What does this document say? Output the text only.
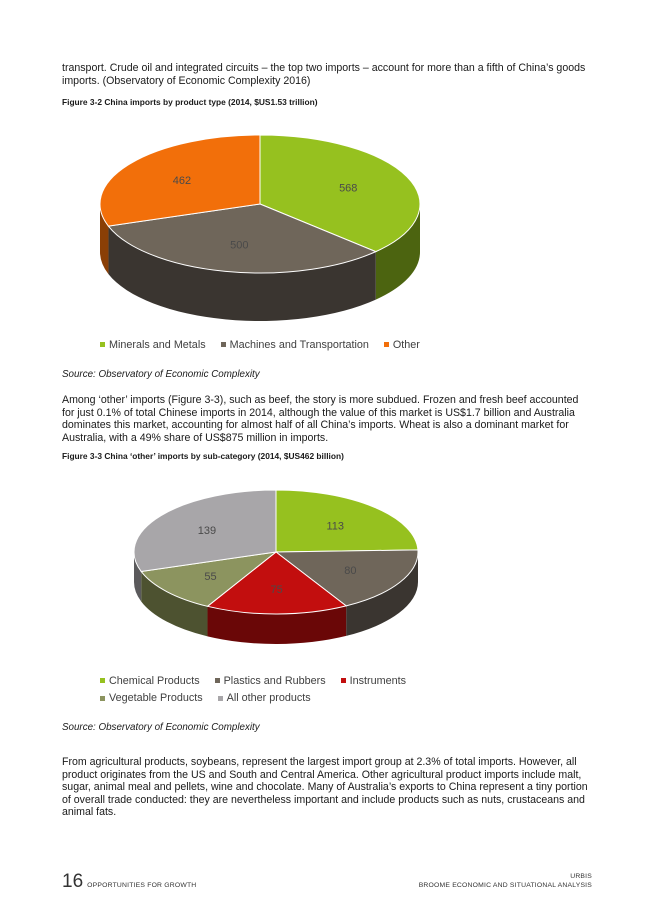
transport. Crude oil and integrated circuits – the top two imports – account for more than a fifth of China’s goods imports. (Observatory of Economic Complexity 2016)

Figure 3-2 China imports by product type (2014, $US1.53 trillion)

568
500
462
Minerals and Metals
Machines and Transportation
Other

Source: Observatory of Economic Complexity

Among ‘other’ imports (Figure 3-3), such as beef, the story is more subdued. Frozen and fresh beef accounted for just 0.1% of total Chinese imports in 2014, although the value of this market is US$1.7 billion and Australia dominates this market, accounting for almost half of all China’s imports. Wheat is also a dominant market for Australia, with a 49% share of US$875 million in imports.

Figure 3-3 China ‘other’ imports by sub-category (2014, $US462 billion)

113
80
75
55
139
Chemical Products
Plastics and Rubbers
Instruments
Vegetable Products
All other products

Source: Observatory of Economic Complexity

From agricultural products, soybeans, represent the largest import group at 2.3% of total imports. However, all product originates from the US and South and Central America. Other agricultural product imports include malt, sugar, animal meal and pellets, wine and chocolate. Many of Australia’s exports to China represent a tiny portion of overall trade conducted: they are nevertheless important and include products such as nuts, crustaceans and animal fats.

16 OPPORTUNITIES FOR GROWTH
URBIS
BROOME ECONOMIC AND SITUATIONAL ANALYSIS
